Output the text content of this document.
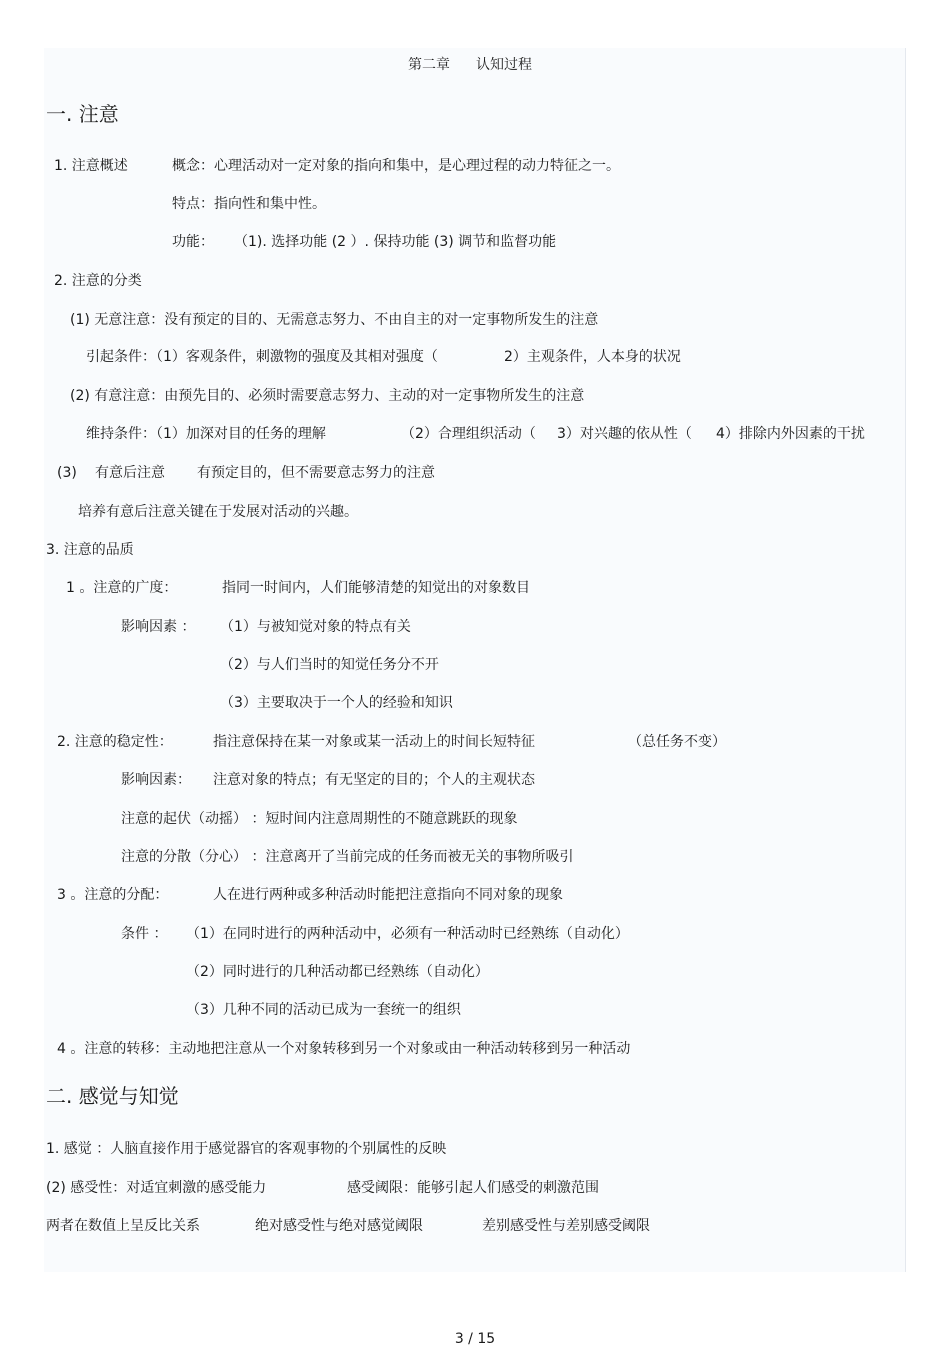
第二章 认知过程
一. 注意
1. 注意概述	概念：心理活动对一定对象的指向和集中，是心理过程的动力特征之一。
特点：指向性和集中性。
功能： （1). 选择功能 (2 ）. 保持功能 (3) 调节和监督功能
2. 注意的分类
(1) 无意注意：没有预定的目的、无需意志努力、不由自主的对一定事物所发生的注意
引起条件：（1）客观条件，刺激物的强度及其相对强度（	2）主观条件，人本身的状况
(2) 有意注意：由预先目的、必须时需要意志努力、主动的对一定事物所发生的注意
维持条件：（1）加深对目的任务的理解	（2）合理组织活动（ 3）对兴趣的依从性（ 4）排除内外因素的干扰
(3) 有意后注意 有预定目的，但不需要意志努力的注意
培养有意后注意关键在于发展对活动的兴趣。
3. 注意的品质
1 。注意的广度：	指同一时间内，人们能够清楚的知觉出的对象数目
影响因素 ： （1）与被知觉对象的特点有关
（2）与人们当时的知觉任务分不开
（3）主要取决于一个人的经验和知识
2. 注意的稳定性：	指注意保持在某一对象或某一活动上的时间长短特征	（总任务不变）
影响因素： 注意对象的特点；有无坚定的目的；个人的主观状态
注意的起伏（动摇） ：短时间内注意周期性的不随意跳跃的现象
注意的分散（分心） ：注意离开了当前完成的任务而被无关的事物所吸引
3 。注意的分配：	人在进行两种或多种活动时能把注意指向不同对象的现象
条件 ： （1）在同时进行的两种活动中，必须有一种活动时已经熟练（自动化）
（2）同时进行的几种活动都已经熟练（自动化）
（3）几种不同的活动已成为一套统一的组织
4 。注意的转移：主动地把注意从一个对象转移到另一个对象或由一种活动转移到另一种活动
二. 感觉与知觉
1. 感觉 ：人脑直接作用于感觉器官的客观事物的个别属性的反映
(2) 感受性：对适宜刺激的感受能力	感受阈限：能够引起人们感受的刺激范围
两者在数值上呈反比关系	绝对感受性与绝对感觉阈限	差别感受性与差别感受阈限
3 / 15
